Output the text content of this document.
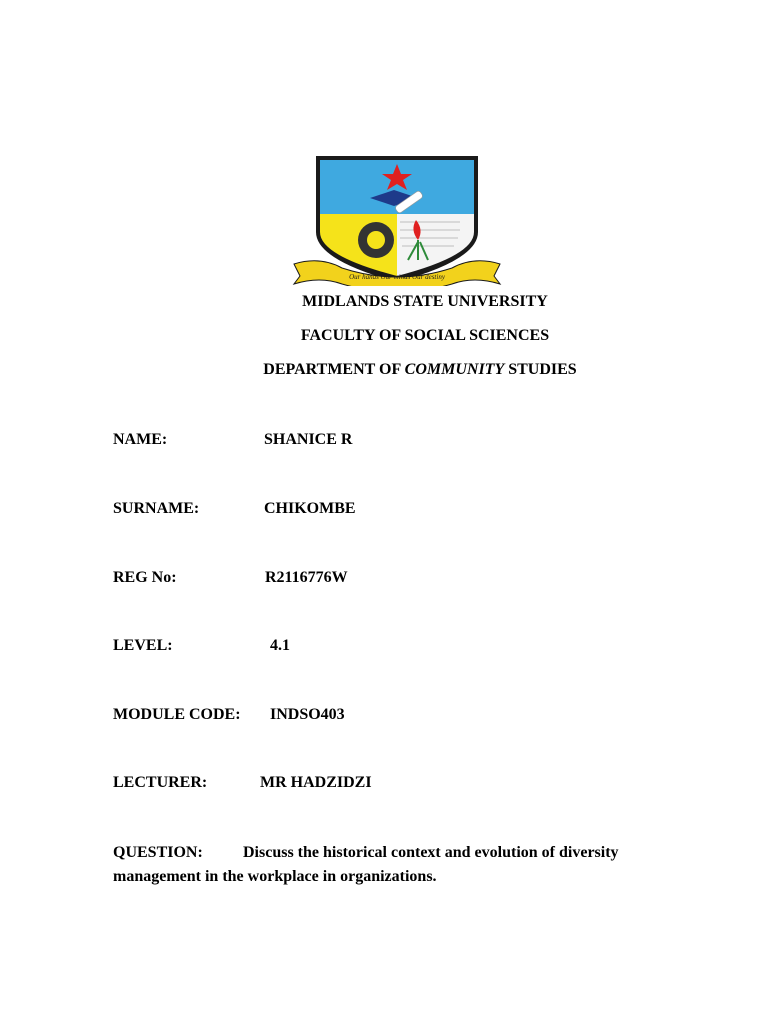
Our hands Our minds Our destiny
MIDLANDS STATE UNIVERSITY
FACULTY OF SOCIAL SCIENCES
DEPARTMENT OF COMMUNITY STUDIES
NAME:	SHANICE R
SURNAME:	CHIKOMBE
REG No:	R2116776W
LEVEL:	4.1
MODULE CODE: INDSO403
LECTURER:	MR HADZIDZI
QUESTION:	Discuss the historical context and evolution of diversity management in the workplace in organizations.
